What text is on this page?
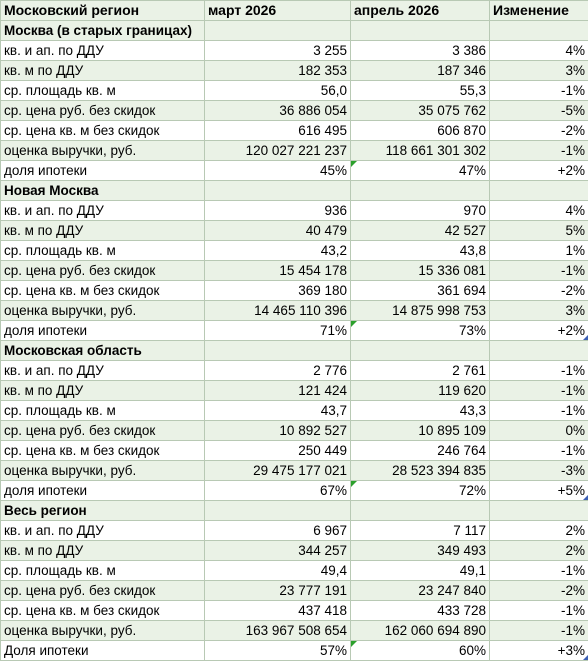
Московский регион	март 2026	апрель 2026	Изменение
Москва (в старых границах)			
кв. и ап. по ДДУ	3 255	3 386	4%
кв. м по ДДУ	182 353	187 346	3%
ср. площадь кв. м	56,0	55,3	-1%
ср. цена руб. без скидок	36 886 054	35 075 762	-5%
ср. цена кв. м без скидок	616 495	606 870	-2%
оценка выручки, руб.	120 027 221 237	118 661 301 302	-1%
доля ипотеки	45%	47%	+2%
Новая Москва			
кв. и ап. по ДДУ	936	970	4%
кв. м по ДДУ	40 479	42 527	5%
ср. площадь кв. м	43,2	43,8	1%
ср. цена руб. без скидок	15 454 178	15 336 081	-1%
ср. цена кв. м без скидок	369 180	361 694	-2%
оценка выручки, руб.	14 465 110 396	14 875 998 753	3%
доля ипотеки	71%	73%	+2%
Московская область			
кв. и ап. по ДДУ	2 776	2 761	-1%
кв. м по ДДУ	121 424	119 620	-1%
ср. площадь кв. м	43,7	43,3	-1%
ср. цена руб. без скидок	10 892 527	10 895 109	0%
ср. цена кв. м без скидок	250 449	246 764	-1%
оценка выручки, руб.	29 475 177 021	28 523 394 835	-3%
доля ипотеки	67%	72%	+5%
Весь регион			
кв. и ап. по ДДУ	6 967	7 117	2%
кв. м по ДДУ	344 257	349 493	2%
ср. площадь кв. м	49,4	49,1	-1%
ср. цена руб. без скидок	23 777 191	23 247 840	-2%
ср. цена кв. м без скидок	437 418	433 728	-1%
оценка выручки, руб.	163 967 508 654	162 060 694 890	-1%
Доля ипотеки	57%	60%	+3%
